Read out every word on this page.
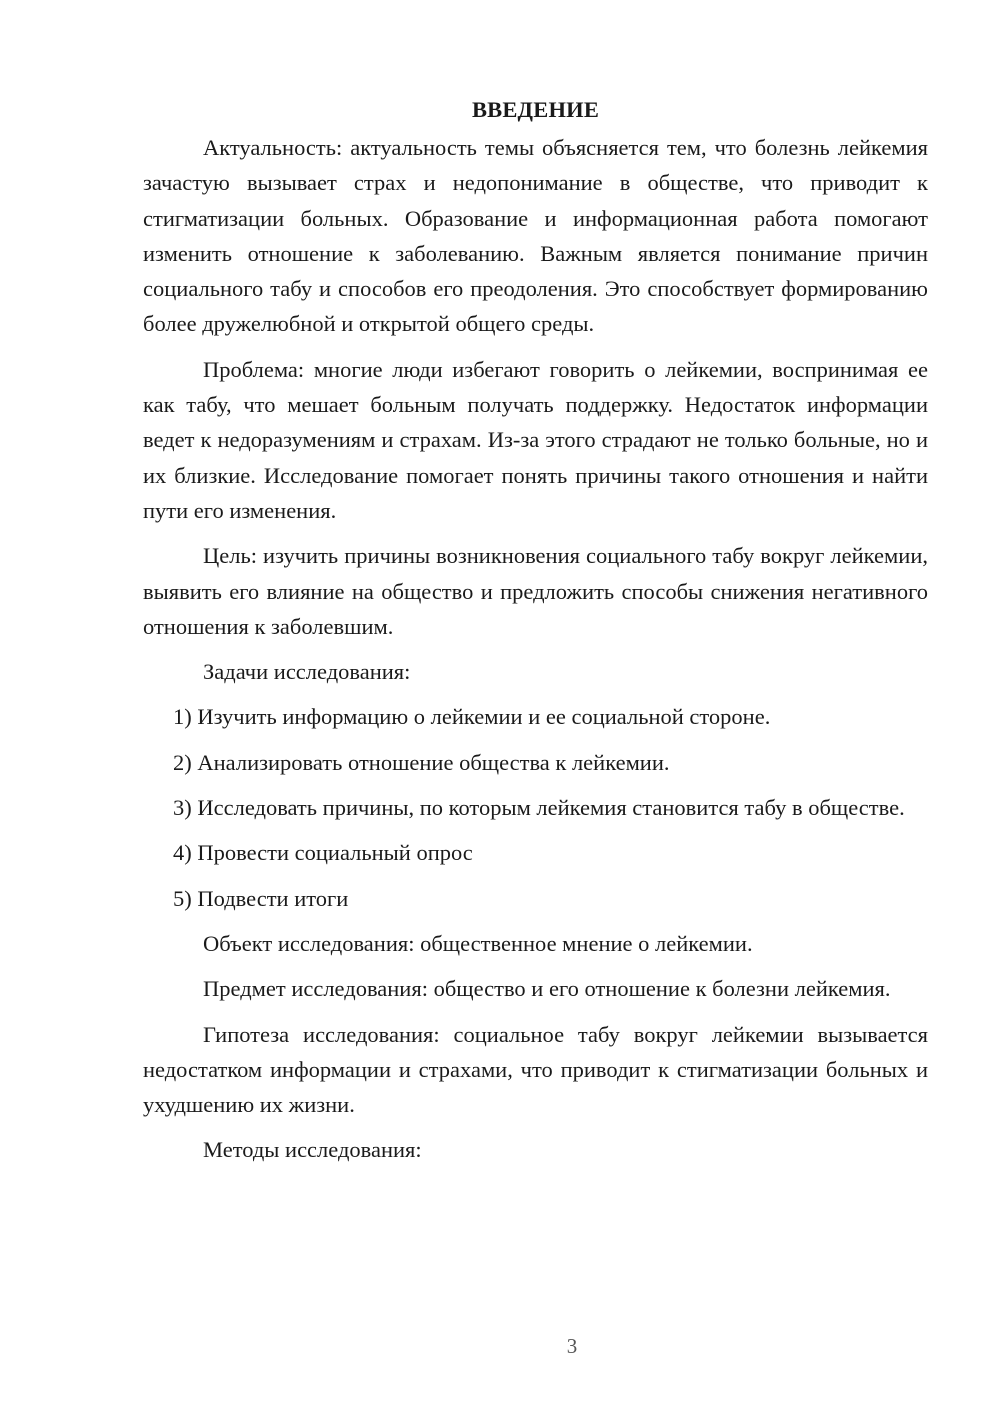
ВВЕДЕНИЕ

Актуальность: актуальность темы объясняется тем, что болезнь лейкемия зачастую вызывает страх и недопонимание в обществе, что приводит к стигматизации больных. Образование и информационная работа помогают изменить отношение к заболеванию. Важным является понимание причин социального табу и способов его преодоления. Это способствует формированию более дружелюбной и открытой общего среды.

Проблема: многие люди избегают говорить о лейкемии, воспринимая ее как табу, что мешает больным получать поддержку. Недостаток информации ведет к недоразумениям и страхам. Из-за этого страдают не только больные, но и их близкие. Исследование помогает понять причины такого отношения и найти пути его изменения.

Цель: изучить причины возникновения социального табу вокруг лейкемии, выявить его влияние на общество и предложить способы снижения негативного отношения к заболевшим.

Задачи исследования:

1) Изучить информацию о лейкемии и ее социальной стороне.

2) Анализировать отношение общества к лейкемии.

3) Исследовать причины, по которым лейкемия становится табу в обществе.

4) Провести социальный опрос

5) Подвести итоги

Объект исследования: общественное мнение о лейкемии.

Предмет исследования: общество и его отношение к болезни лейкемия.

Гипотеза исследования: социальное табу вокруг лейкемии вызывается недостатком информации и страхами, что приводит к стигматизации больных и ухудшению их жизни.

Методы исследования:

3
